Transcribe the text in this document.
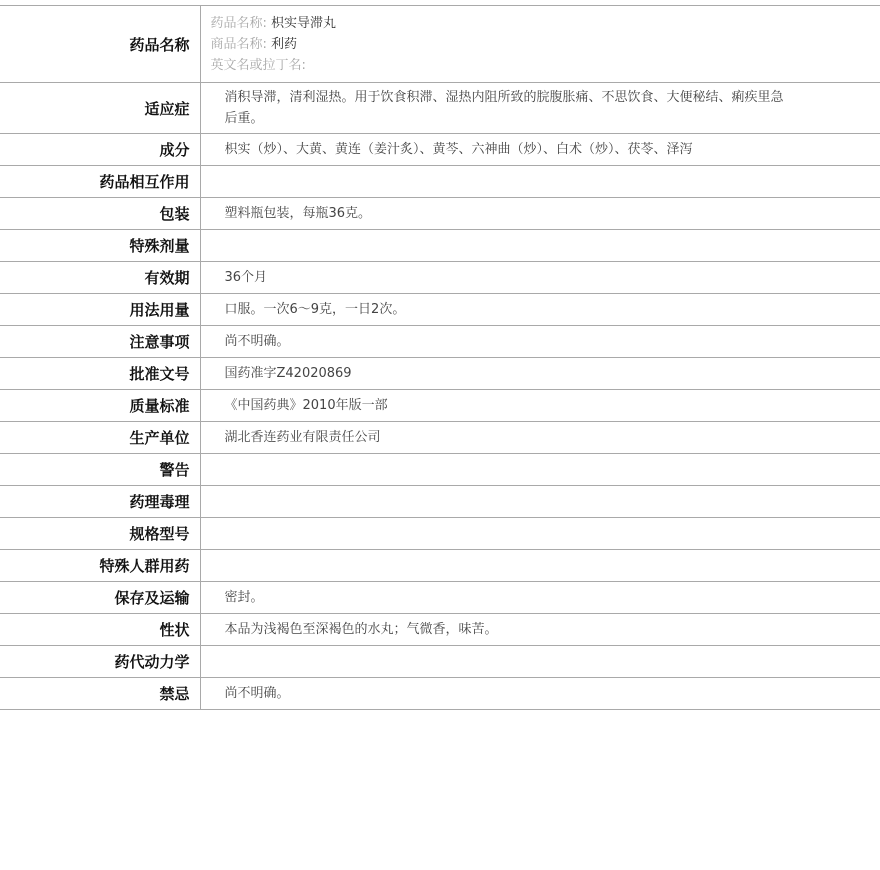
药品名称	药品名称: 枳实导滞丸
商品名称: 利药
英文名或拉丁名:

适应症	消积导滞，清利湿热。用于饮食积滞、湿热内阻所致的脘腹胀痛、不思饮食、大便秘结、痢疾里急后重。
成分	枳实（炒）、大黄、黄连（姜汁炙）、黄芩、六神曲（炒）、白术（炒）、茯苓、泽泻
药品相互作用	
包装	塑料瓶包装，每瓶36克。
特殊剂量	
有效期	36个月
用法用量	口服。一次6～9克，一日2次。
注意事项	尚不明确。
批准文号	国药准字Z42020869
质量标准	《中国药典》2010年版一部
生产单位	湖北香连药业有限责任公司
警告	
药理毒理	
规格型号	
特殊人群用药	
保存及运输	密封。
性状	本品为浅褐色至深褐色的水丸；气微香，味苦。
药代动力学	
禁忌	尚不明确。
